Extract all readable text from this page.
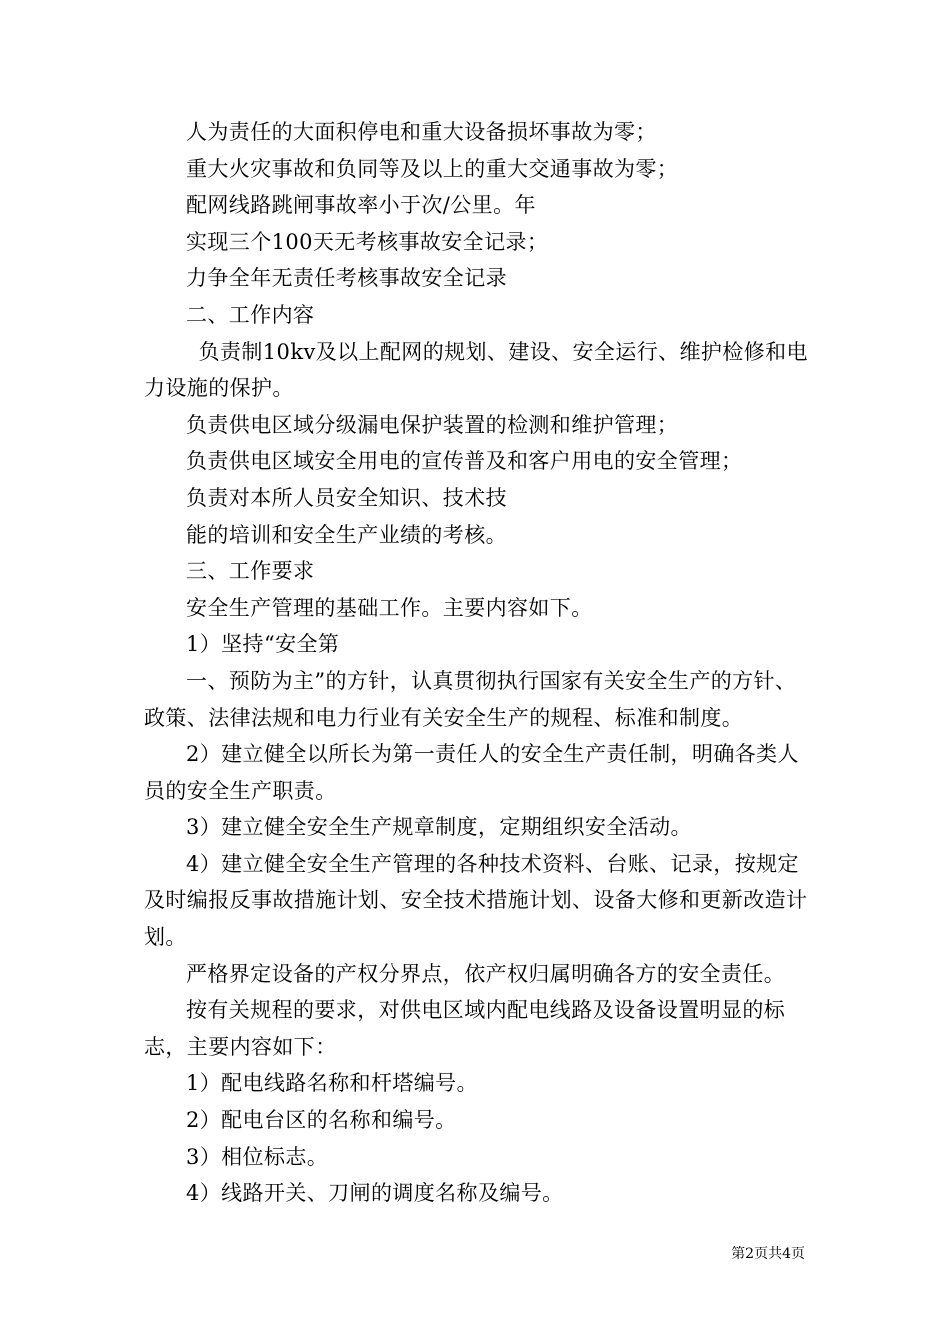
人为责任的大面积停电和重大设备损坏事故为零；

重大火灾事故和负同等及以上的重大交通事故为零；

配网线路跳闸事故率小于次/公里。年

实现三个100天无考核事故安全记录；

力争全年无责任考核事故安全记录

二、工作内容

负责制10kv及以上配网的规划、建设、安全运行、维护检修和电力设施的保护。

负责供电区域分级漏电保护装置的检测和维护管理；

负责供电区域安全用电的宣传普及和客户用电的安全管理；

负责对本所人员安全知识、技术技

能的培训和安全生产业绩的考核。

三、工作要求

安全生产管理的基础工作。主要内容如下。

1）坚持“安全第

一、预防为主”的方针，认真贯彻执行国家有关安全生产的方针、政策、法律法规和电力行业有关安全生产的规程、标准和制度。

2）建立健全以所长为第一责任人的安全生产责任制，明确各类人员的安全生产职责。

3）建立健全安全生产规章制度，定期组织安全活动。

4）建立健全安全生产管理的各种技术资料、台账、记录，按规定及时编报反事故措施计划、安全技术措施计划、设备大修和更新改造计划。

严格界定设备的产权分界点，依产权归属明确各方的安全责任。

按有关规程的要求，对供电区域内配电线路及设备设置明显的标志，主要内容如下：

1）配电线路名称和杆塔编号。

2）配电台区的名称和编号。

3）相位标志。

4）线路开关、刀闸的调度名称及编号。

第2页共4页
